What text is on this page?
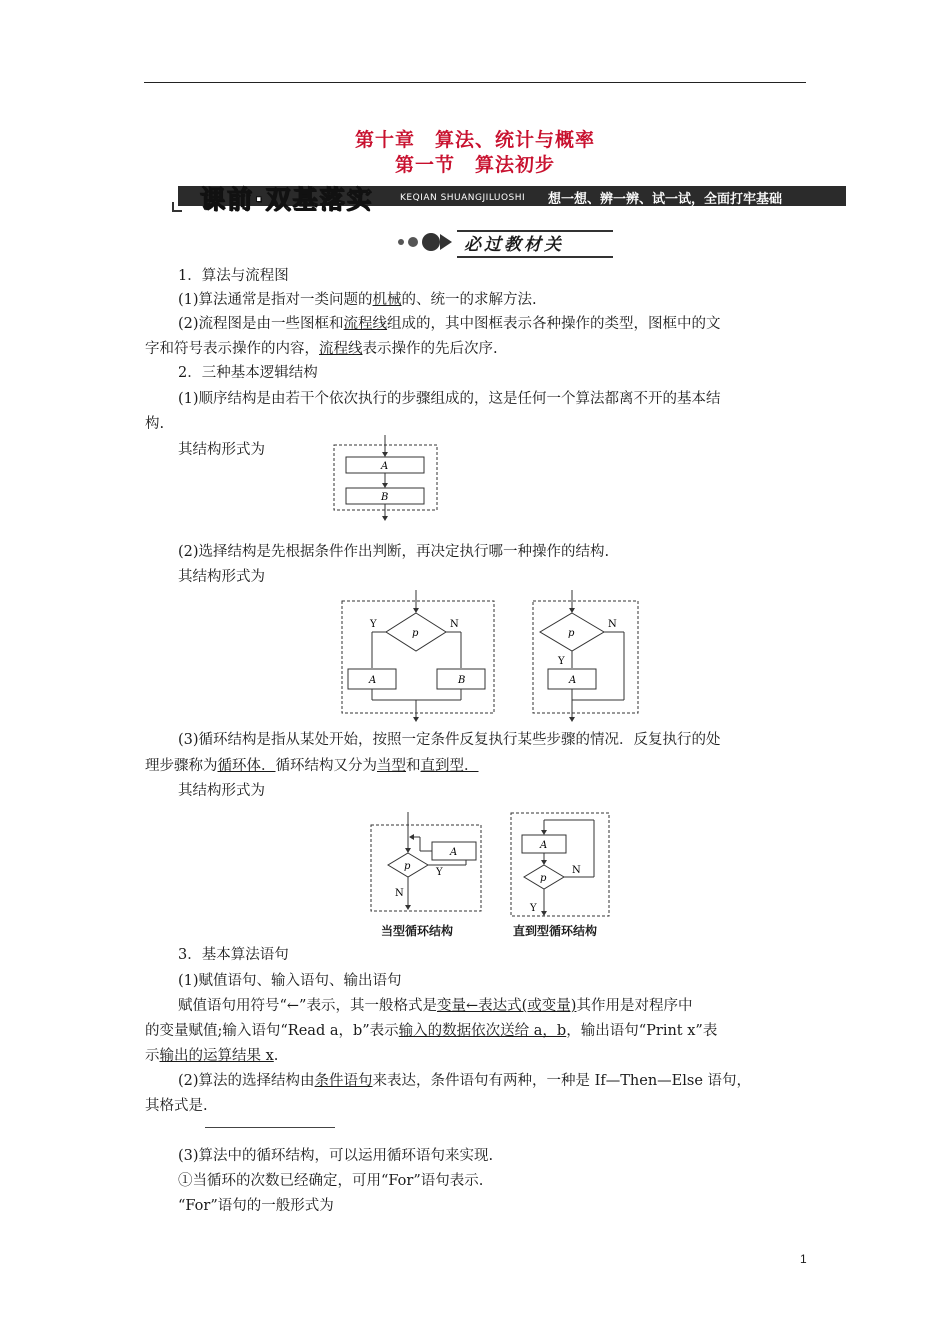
第十章　算法、统计与概率
第一节　算法初步
课前·双基落实	KEQIAN SHUANGJILUOSHI 想一想、辨一辨、试一试，全面打牢基础
必过教材关
1．算法与流程图
(1)算法通常是指对一类问题的机械的、统一的求解方法.
(2)流程图是由一些图框和流程线组成的，其中图框表示各种操作的类型，图框中的文
字和符号表示操作的内容，流程线表示操作的先后次序.
2．三种基本逻辑结构
(1)顺序结构是由若干个依次执行的步骤组成的，这是任何一个算法都离不开的基本结
构.
其结构形式为
A
B
(2)选择结构是先根据条件作出判断，再决定执行哪一种操作的结构.
其结构形式为
p
Y	N
A	B
p
N
Y
A
(3)循环结构是指从某处开始，按照一定条件反复执行某些步骤的情况．反复执行的处
理步骤称为循环体．循环结构又分为当型和直到型．
其结构形式为
p
Y
A
N
A
p
N
Y
当型循环结构	直到型循环结构
3．基本算法语句
(1)赋值语句、输入语句、输出语句
赋值语句用符号“←”表示，其一般格式是变量←表达式(或变量)其作用是对程序中
的变量赋值;输入语句“Read a，b”表示输入的数据依次送给 a，b，输出语句“Print x”表
示输出的运算结果 x.
(2)算法的选择结构由条件语句来表达，条件语句有两种，一种是 If—Then—Else 语句，
其格式是.
(3)算法中的循环结构，可以运用循环语句来实现.
①当循环的次数已经确定，可用“For”语句表示.
“For”语句的一般形式为
1
